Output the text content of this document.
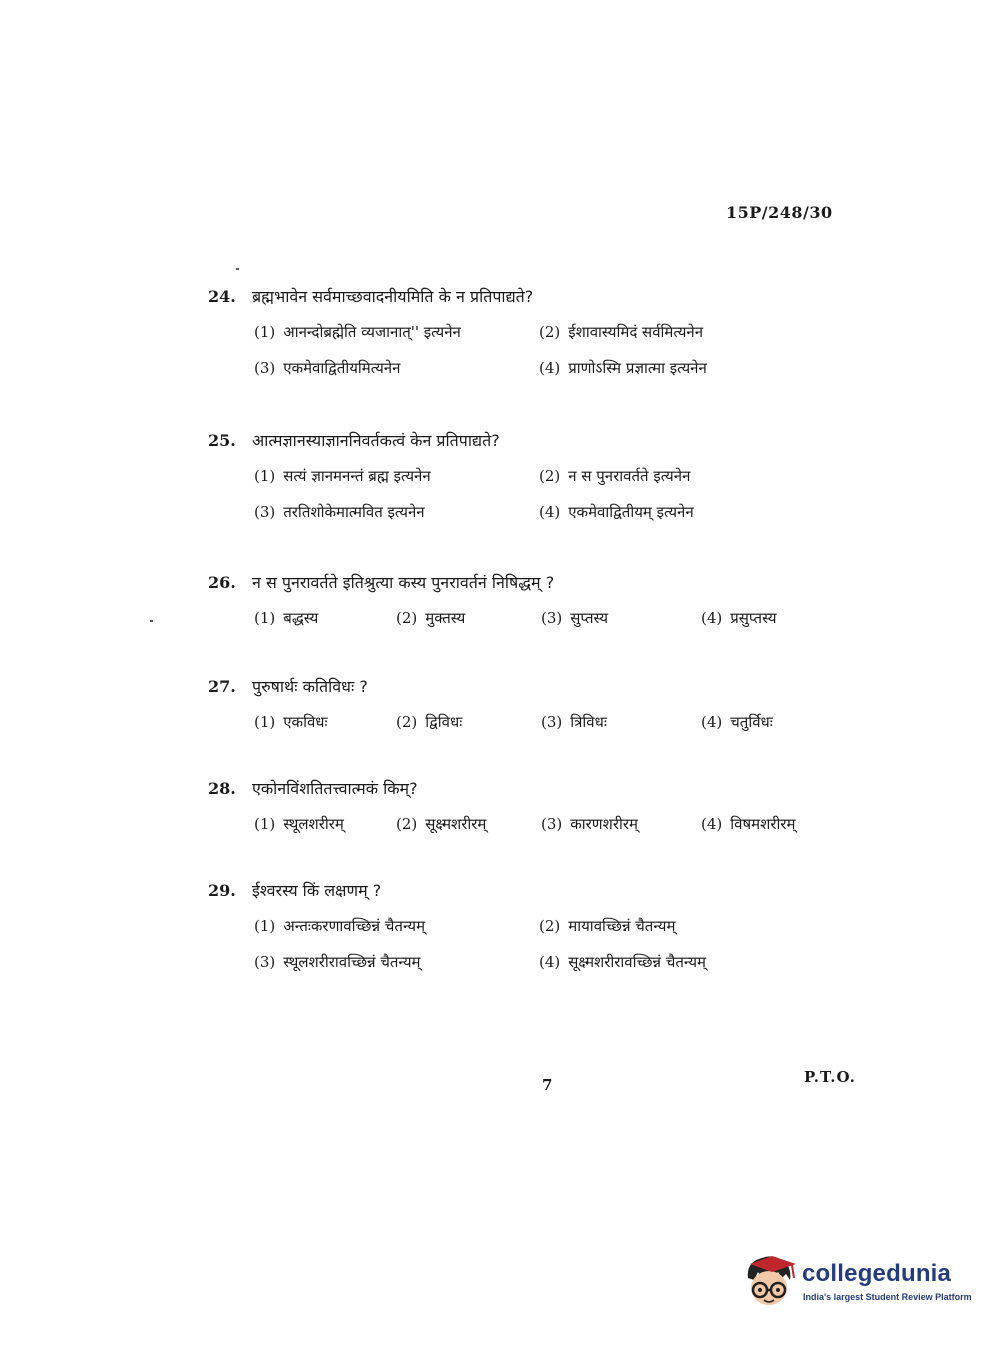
15P/248/30
24. ब्रह्मभावेन सर्वमाच्छवादनीयमिति के न प्रतिपाद्यते?
(1) आनन्दोब्रह्मेति व्यजानात्'' इत्यनेन	(2) ईशावास्यमिदं सर्वमित्यनेन
(3) एकमेवाद्वितीयमित्यनेन	(4) प्राणोऽस्मि प्रज्ञात्मा इत्यनेन
25. आत्मज्ञानस्याज्ञाननिवर्तकत्वं केन प्रतिपाद्यते?
(1) सत्यं ज्ञानमनन्तं ब्रह्म इत्यनेन	(2) न स पुनरावर्तते इत्यनेन
(3) तरतिशोकेमात्मवित इत्यनेन	(4) एकमेवाद्वितीयम् इत्यनेन
26. न स पुनरावर्तते इतिश्रुत्या कस्य पुनरावर्तनं निषिद्धम् ?
(1) बद्धस्य	(2) मुक्तस्य	(3) सुप्तस्य	(4) प्रसुप्तस्य
27. पुरुषार्थः कतिविधः ?
(1) एकविधः	(2) द्विविधः	(3) त्रिविधः	(4) चतुर्विधः
28. एकोनविंशतितत्त्वात्मकं किम्?
(1) स्थूलशरीरम्	(2) सूक्ष्मशरीरम्	(3) कारणशरीरम्	(4) विषमशरीरम्
29. ईश्वरस्य किं लक्षणम् ?
(1) अन्तःकरणावच्छिन्नं चैतन्यम्	(2) मायावच्छिन्नं चैतन्यम्
(3) स्थूलशरीरावच्छिन्नं चैतन्यम्	(4) सूक्ष्मशरीरावच्छिन्नं चैतन्यम्
7	P.T.O.
collegedunia
India's largest Student Review Platform
